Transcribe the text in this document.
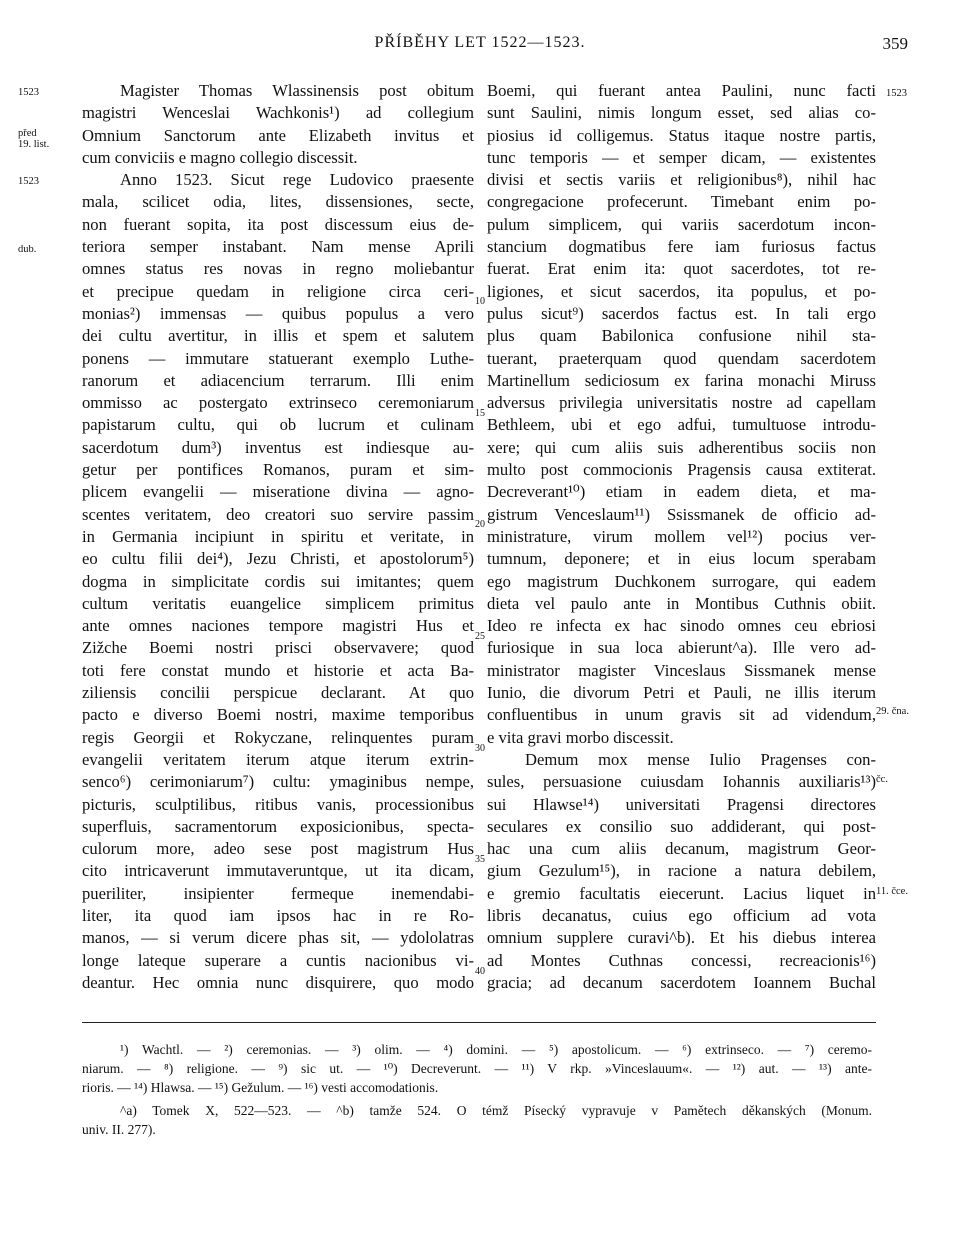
PŘÍBĚHY LET 1522—1523.	359
1523
před
19. list.
1523
dub.
1523
29. čna.
čc.
11. čce.
10
15
20
25
30
35
40
Magister Thomas Wlassinensis post obitum
magistri Wenceslai Wachkonis¹) ad collegium
Omnium Sanctorum ante Elizabeth invitus et
cum conviciis e magno collegio discessit.
Anno 1523. Sicut rege Ludovico praesente
mala, scilicet odia, lites, dissensiones, secte,
non fuerant sopita, ita post discessum eius de-
teriora semper instabant. Nam mense Aprili
omnes status res novas in regno moliebantur
et precipue quedam in religione circa ceri-
monias²) immensas — quibus populus a vero
dei cultu avertitur, in illis et spem et salutem
ponens — immutare statuerant exemplo Luthe-
ranorum et adiacencium terrarum. Illi enim
ommisso ac postergato extrinseco ceremoniarum
papistarum cultu, qui ob lucrum et culinam
sacerdotum dum³) inventus est indiesque au-
getur per pontifices Romanos, puram et sim-
plicem evangelii — miseratione divina — agno-
scentes veritatem, deo creatori suo servire passim
in Germania incipiunt in spiritu et veritate, in
eo cultu filii dei⁴), Jezu Christi, et apostolorum⁵)
dogma in simplicitate cordis sui imitantes; quem
cultum veritatis euangelice simplicem primitus
ante omnes naciones tempore magistri Hus et
Zižche Boemi nostri prisci observavere; quod
toti fere constat mundo et historie et acta Ba-
ziliensis concilii perspicue declarant. At quo
pacto e diverso Boemi nostri, maxime temporibus
regis Georgii et Rokyczane, relinquentes puram
evangelii veritatem iterum atque iterum extrin-
senco⁶) cerimoniarum⁷) cultu: ymaginibus nempe,
picturis, sculptilibus, ritibus vanis, processionibus
superfluis, sacramentorum exposicionibus, specta-
culorum more, adeo sese post magistrum Hus
cito intricaverunt immutaveruntque, ut ita dicam,
pueriliter, insipienter fermeque inemendabi-
liter, ita quod iam ipsos hac in re Ro-
manos, — si verum dicere phas sit, — ydololatras
longe lateque superare a cuntis nacionibus vi-
deantur. Hec omnia nunc disquirere, quo modo
Boemi, qui fuerant antea Paulini, nunc facti
sunt Saulini, nimis longum esset, sed alias co-
piosius id colligemus. Status itaque nostre partis,
tunc temporis — et semper dicam, — existentes
divisi et sectis variis et religionibus⁸), nihil hac
congregacione profecerunt. Timebant enim po-
pulum simplicem, qui variis sacerdotum incon-
stancium dogmatibus fere iam furiosus factus
fuerat. Erat enim ita: quot sacerdotes, tot re-
ligiones, et sicut sacerdos, ita populus, et po-
pulus sicut⁹) sacerdos factus est. In tali ergo
plus quam Babilonica confusione nihil sta-
tuerant, praeterquam quod quendam sacerdotem
Martinellum sediciosum ex farina monachi Miruss
adversus privilegia universitatis nostre ad capellam
Bethleem, ubi et ego adfui, tumultuose introdu-
xere; qui cum aliis suis adherentibus sociis non
multo post commocionis Pragensis causa extiterat.
Decreverant¹⁰) etiam in eadem dieta, et ma-
gistrum Venceslaum¹¹) Ssissmanek de officio ad-
ministrature, virum mollem vel¹²) pocius ver-
tumnum, deponere; et in eius locum sperabam
ego magistrum Duchkonem surrogare, qui eadem
dieta vel paulo ante in Montibus Cuthnis obiit.
Ideo re infecta ex hac sinodo omnes ceu ebriosi
furiosique in sua loca abierunt^a). Ille vero ad-
ministrator magister Vinceslaus Sissmanek mense
Iunio, die divorum Petri et Pauli, ne illis iterum
confluentibus in unum gravis sit ad videndum,
e vita gravi morbo discessit.
Demum mox mense Iulio Pragenses con-
sules, persuasione cuiusdam Iohannis auxiliaris¹³)
sui Hlawse¹⁴) universitati Pragensi directores
seculares ex consilio suo addiderant, qui post-
hac una cum aliis decanum, magistrum Geor-
gium Gezulum¹⁵), in racione a natura debilem,
e gremio facultatis eiecerunt. Lacius liquet in
libris decanatus, cuius ego officium ad vota
omnium supplere curavi^b). Et his diebus interea
ad Montes Cuthnas concessi, recreacionis¹⁶)
gracia; ad decanum sacerdotem Ioannem Buchal
¹) Wachtl. — ²) ceremonias. — ³) olim. — ⁴) domini. — ⁵) apostolicum. — ⁶) extrinseco. — ⁷) ceremo-
niarum. — ⁸) religione. — ⁹) sic ut. — ¹⁰) Decreverunt. — ¹¹) V rkp. »Vinceslauum«. — ¹²) aut. — ¹³) ante-
rioris. — ¹⁴) Hlawsa. — ¹⁵) Gežulum. — ¹⁶) vesti accomodationis.
^a) Tomek X, 522—523. — ^b) tamže 524. O témž Písecký vypravuje v Pamětech děkanských (Monum.
univ. II. 277).
